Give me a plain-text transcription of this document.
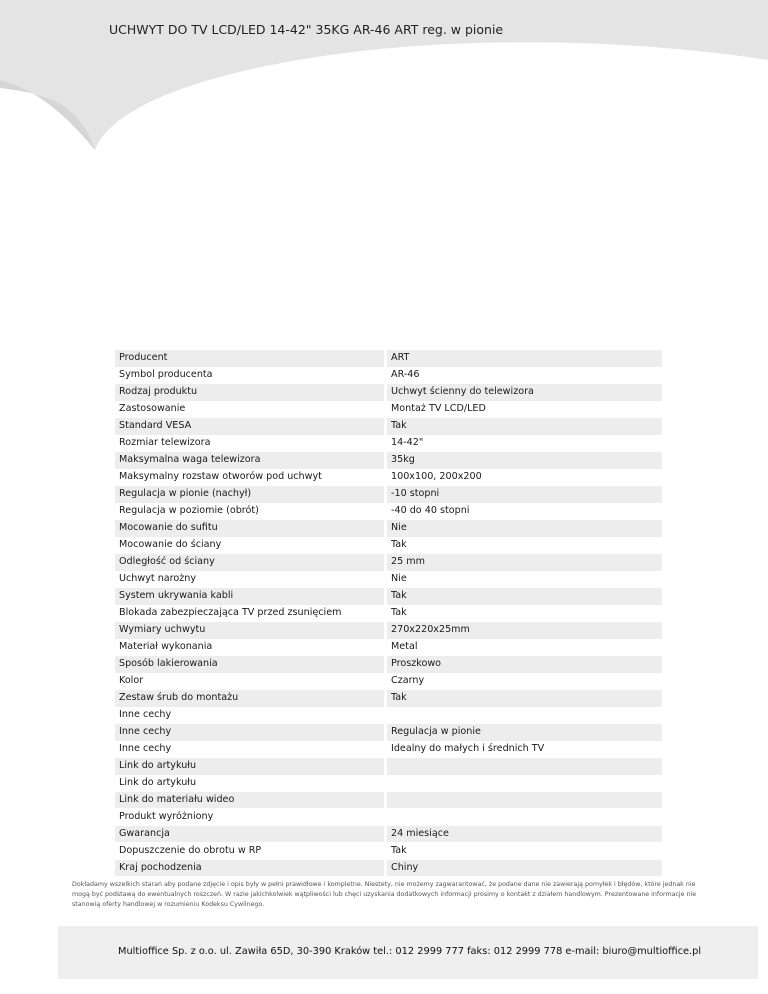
UCHWYT DO TV LCD/LED 14-42" 35KG AR-46 ART reg. w pionie
Producent	ART
Symbol producenta	AR-46
Rodzaj produktu	Uchwyt ścienny do telewizora
Zastosowanie	Montaż TV LCD/LED
Standard VESA	Tak
Rozmiar telewizora	14-42"
Maksymalna waga telewizora	35kg
Maksymalny rozstaw otworów pod uchwyt	100x100, 200x200
Regulacja w pionie (nachył)	-10 stopni
Regulacja w poziomie (obrót)	-40 do 40 stopni
Mocowanie do sufitu	Nie
Mocowanie do ściany	Tak
Odległość od ściany	25 mm
Uchwyt narożny	Nie
System ukrywania kabli	Tak
Blokada zabezpieczająca TV przed zsunięciem	Tak
Wymiary uchwytu	270x220x25mm
Materiał wykonania	Metal
Sposób lakierowania	Proszkowo
Kolor	Czarny
Zestaw śrub do montażu	Tak
Inne cechy
Inne cechy	Regulacja w pionie
Inne cechy	Idealny do małych i średnich TV
Link do artykułu
Link do artykułu
Link do materiału wideo
Produkt wyróżniony
Gwarancja	24 miesiące
Dopuszczenie do obrotu w RP	Tak
Kraj pochodzenia	Chiny
Dokładamy wszelkich starań aby podane zdjęcie i opis były w pełni prawidłowe i kompletne. Niestety, nie możemy zagwarantować, że podane dane nie zawierają pomyłek i błędów, które jednak nie mogą być podstawą do ewentualnych roszczeń. W razie jakichkolwiek wątpliwości lub chęci uzyskania dodatkowych informacji prosimy o kontakt z działem handlowym. Prezentowane informacje nie stanowią oferty handlowej w rozumieniu Kodeksu Cywilnego.
Multioffice Sp. z o.o. ul. Zawiła 65D, 30-390 Kraków tel.: 012 2999 777 faks: 012 2999 778 e-mail: biuro@multioffice.pl
